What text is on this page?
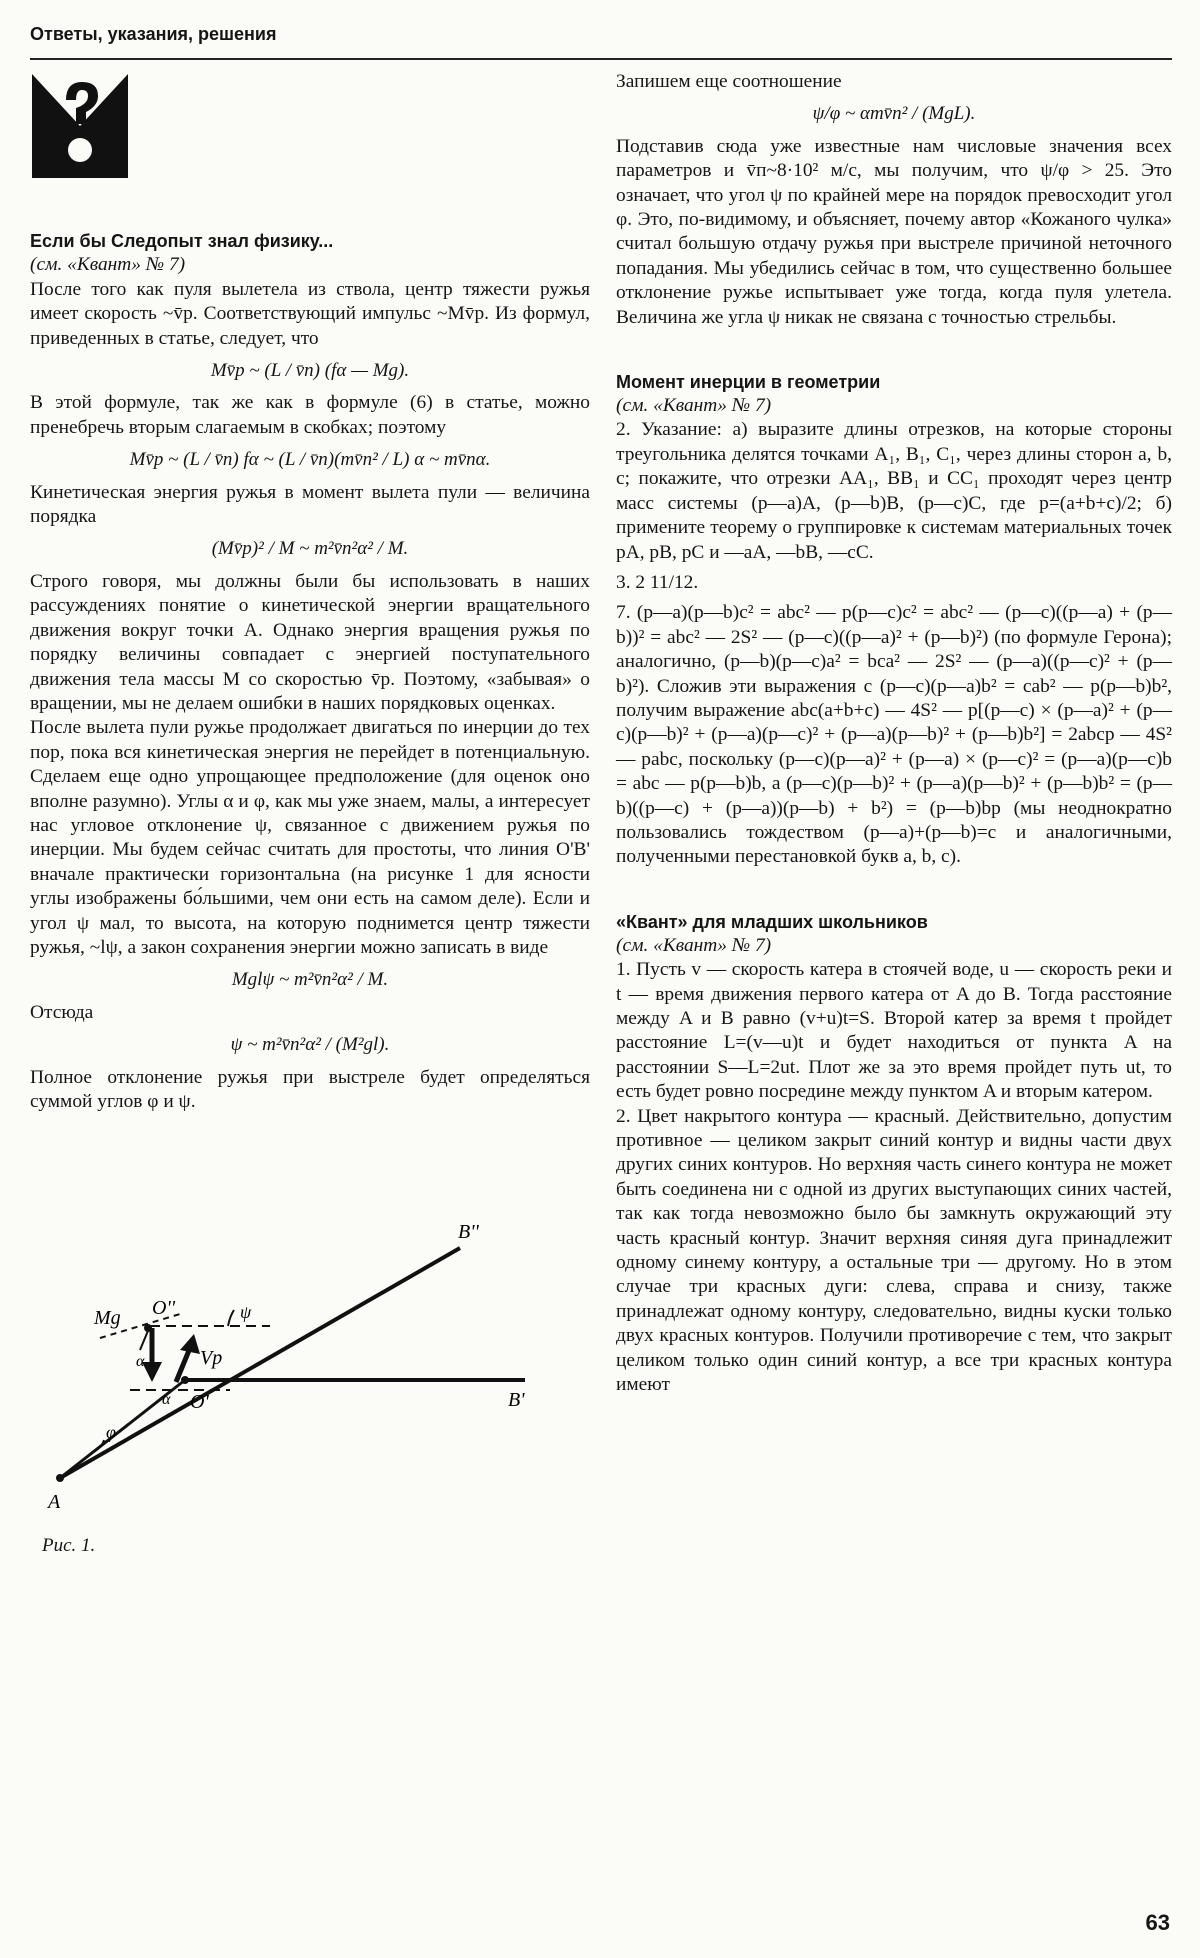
Ответы, указания, решения

Если бы Следопыт знал физику...

(см. «Квант» № 7)

После того как пуля вылетела из ствола, центр тяжести ружья имеет скорость ~v̄р. Соответствующий импульс ~Mv̄р. Из формул, приведенных в статье, следует, что

Mv̄р ~ (L / v̄п) (fα — Mg).

В этой формуле, так же как в формуле (6) в статье, можно пренебречь вторым слагаемым в скобках; поэтому

Mv̄р ~ (L / v̄п) fα ~ (L / v̄п)(mv̄п² / L) α ~ mv̄пα.

Кинетическая энергия ружья в момент вылета пули — величина порядка

(Mv̄р)² / M ~ m²v̄п²α² / M.

Строго говоря, мы должны были бы использовать в наших рассуждениях понятие о кинетической энергии вращательного движения вокруг точки A. Однако энергия вращения ружья по порядку величины совпадает с энергией поступательного движения тела массы M со скоростью v̄р. Поэтому, «забывая» о вращении, мы не делаем ошибки в наших порядковых оценках.

После вылета пули ружье продолжает двигаться по инерции до тех пор, пока вся кинетическая энергия не перейдет в потенциальную. Сделаем еще одно упрощающее предположение (для оценок оно вполне разумно). Углы α и φ, как мы уже знаем, малы, а интересует нас угловое отклонение ψ, связанное с движением ружья по инерции. Мы будем сейчас считать для простоты, что линия O'B' вначале практически горизонтальна (на рисунке 1 для ясности углы изображены бо́льшими, чем они есть на самом деле). Если и угол ψ мал, то высота, на которую поднимется центр тяжести ружья, ~lψ, а закон сохранения энергии можно записать в виде

Mglψ ~ m²v̄п²α² / M.

Отсюда

ψ ~ m²v̄п²α² / (M²gl).

Полное отклонение ружья при выстреле будет определяться суммой углов φ и ψ.

A
O'
O''
B'
B''
Mg
Vp
α
α
φ
ψ
Рис. 1.

Запишем еще соотношение

ψ/φ ~ αmv̄п² / (MgL).

Подставив сюда уже известные нам числовые значения всех параметров и v̄п~8·10² м/с, мы получим, что ψ/φ > 25. Это означает, что угол ψ по крайней мере на порядок превосходит угол φ. Это, по-видимому, и объясняет, почему автор «Кожаного чулка» считал большую отдачу ружья при выстреле причиной неточного попадания. Мы убедились сейчас в том, что существенно большее отклонение ружье испытывает уже тогда, когда пуля улетела. Величина же угла ψ никак не связана с точностью стрельбы.

Момент инерции в геометрии

(см. «Квант» № 7)

2. Указание: а) выразите длины отрезков, на которые стороны треугольника делятся точками A₁, B₁, C₁, через длины сторон a, b, c; покажите, что отрезки AA₁, BB₁ и CC₁ проходят через центр масс системы (p—a)A, (p—b)B, (p—c)C, где p=(a+b+c)/2; б) примените теорему о группировке к системам материальных точек pA, pB, pC и —aA, —bB, —cC.

3. 2 11/12.

7. (p—a)(p—b)c² = abc² — p(p—c)c² = abc² — (p—c)((p—a) + (p—b))² = abc² — 2S² — (p—c)((p—a)² + (p—b)²) (по формуле Герона); аналогично, (p—b)(p—c)a² = bca² — 2S² — (p—a)((p—c)² + (p—b)²). Сложив эти выражения с (p—c)(p—a)b² = cab² — p(p—b)b², получим выражение abc(a+b+c) — 4S² — p[(p—c) × (p—a)² + (p—c)(p—b)² + (p—a)(p—c)² + (p—a)(p—b)² + (p—b)b²] = 2abcp — 4S² — pabc, поскольку (p—c)(p—a)² + (p—a) × (p—c)² = (p—a)(p—c)b = abc — p(p—b)b, а (p—c)(p—b)² + (p—a)(p—b)² + (p—b)b² = (p—b)((p—c) + (p—a))(p—b) + b²) = (p—b)bp (мы неоднократно пользовались тождеством (p—a)+(p—b)=c и аналогичными, полученными перестановкой букв a, b, c).

«Квант» для младших школьников

(см. «Квант» № 7)

1. Пусть v — скорость катера в стоячей воде, u — скорость реки и t — время движения первого катера от A до B. Тогда расстояние между A и B равно (v+u)t=S. Второй катер за время t пройдет расстояние L=(v—u)t и будет находиться от пункта A на расстоянии S—L=2ut. Плот же за это время пройдет путь ut, то есть будет ровно посредине между пунктом A и вторым катером.

2. Цвет накрытого контура — красный. Действительно, допустим противное — целиком закрыт синий контур и видны части двух других синих контуров. Но верхняя часть синего контура не может быть соединена ни с одной из других выступающих синих частей, так как тогда невозможно было бы замкнуть окружающий эту часть красный контур. Значит верхняя синяя дуга принадлежит одному синему контуру, а остальные три — другому. Но в этом случае три красных дуги: слева, справа и снизу, также принадлежат одному контуру, следовательно, видны куски только двух красных контуров. Получили противоречие с тем, что закрыт целиком только один синий контур, а все три красных контура имеют

63
